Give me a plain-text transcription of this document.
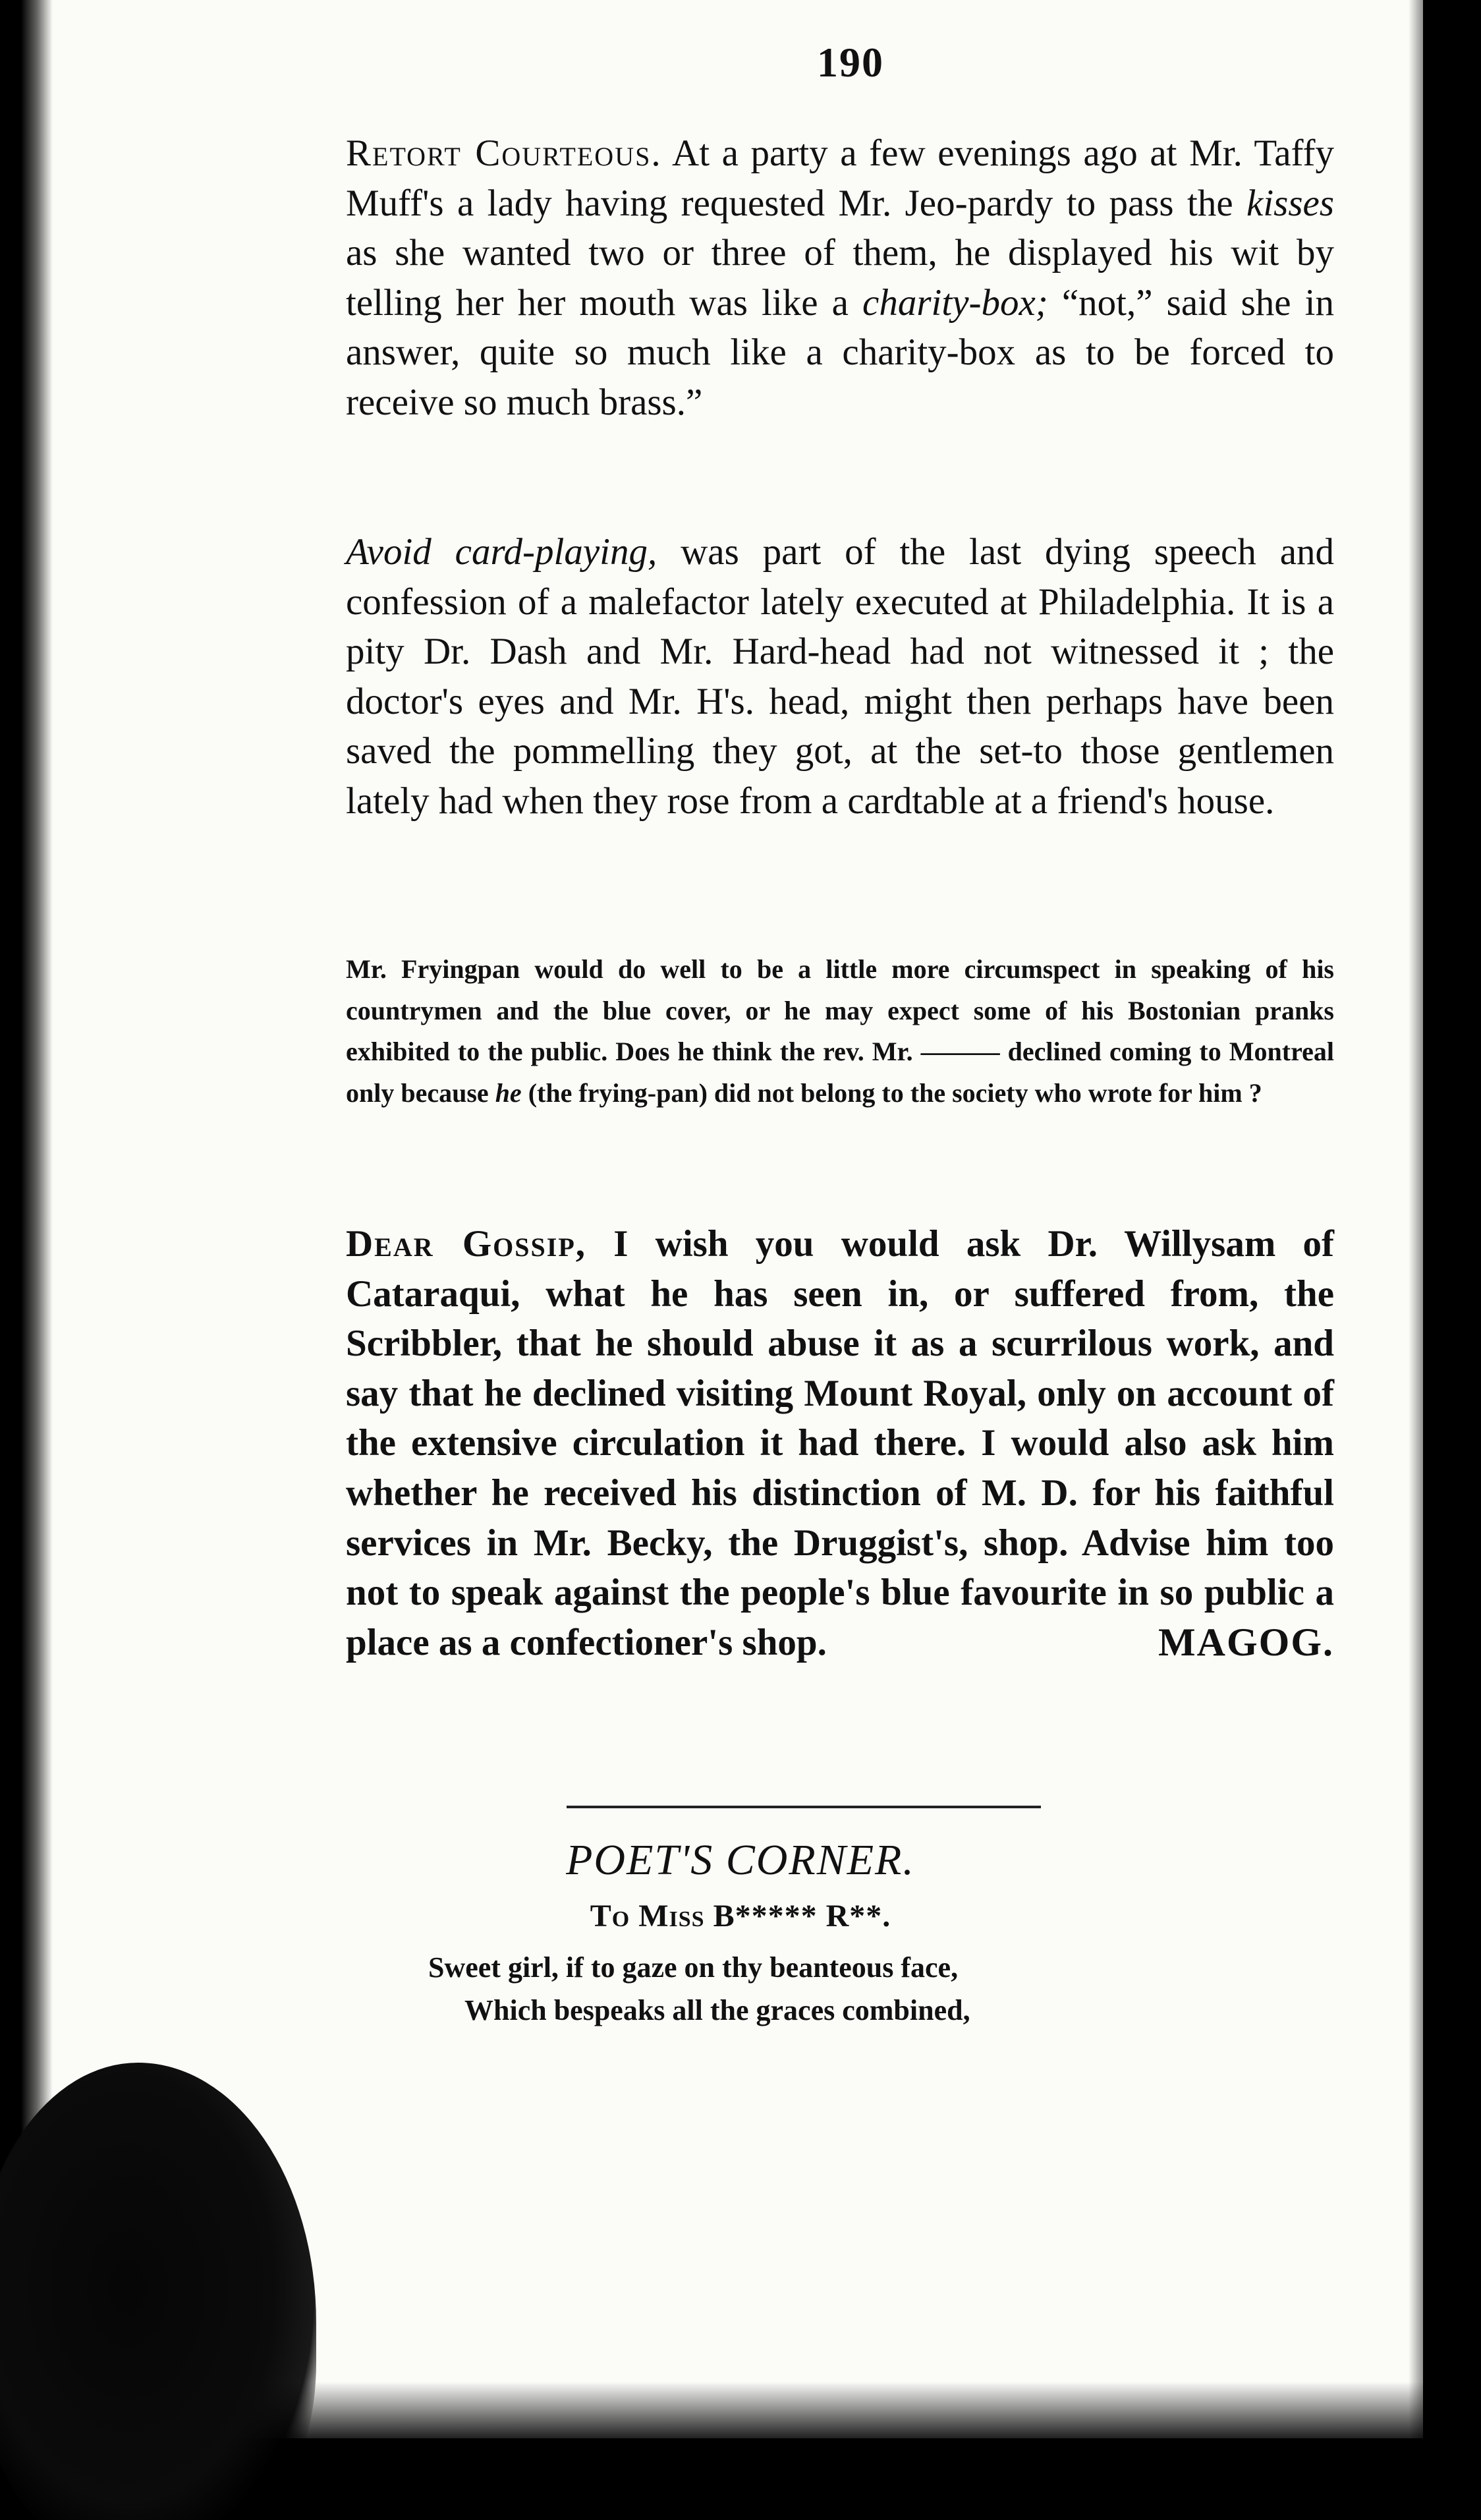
190

Retort Courteous. At a party a few evenings ago at Mr. Taffy Muff's a lady having requested Mr. Jeo-pardy to pass the kisses as she wanted two or three of them, he displayed his wit by telling her her mouth was like a charity-box; “not,” said she in answer, quite so much like a charity-box as to be forced to receive so much brass.”

Avoid card-playing, was part of the last dying speech and confession of a malefactor lately executed at Philadelphia. It is a pity Dr. Dash and Mr. Hard-head had not witnessed it ; the doctor's eyes and Mr. H's. head, might then perhaps have been saved the pommelling they got, at the set-to those gentlemen lately had when they rose from a cardtable at a friend's house.

Mr. Fryingpan would do well to be a little more circumspect in speaking of his countrymen and the blue cover, or he may expect some of his Bostonian pranks exhibited to the public. Does he think the rev. Mr. ——— declined coming to Montreal only because he (the frying-pan) did not belong to the society who wrote for him ?

Dear Gossip, I wish you would ask Dr. Willysam of Cataraqui, what he has seen in, or suffered from, the Scribbler, that he should abuse it as a scurrilous work, and say that he declined visiting Mount Royal, only on account of the extensive circulation it had there. I would also ask him whether he received his distinction of M. D. for his faithful services in Mr. Becky, the Druggist's, shop. Advise him too not to speak against the people's blue favourite in so public a place as a confectioner's shop.	MAGOG.

POET'S CORNER.
To Miss B***** R**.
Sweet girl, if to gaze on thy beanteous face,
Which bespeaks all the graces combined,
